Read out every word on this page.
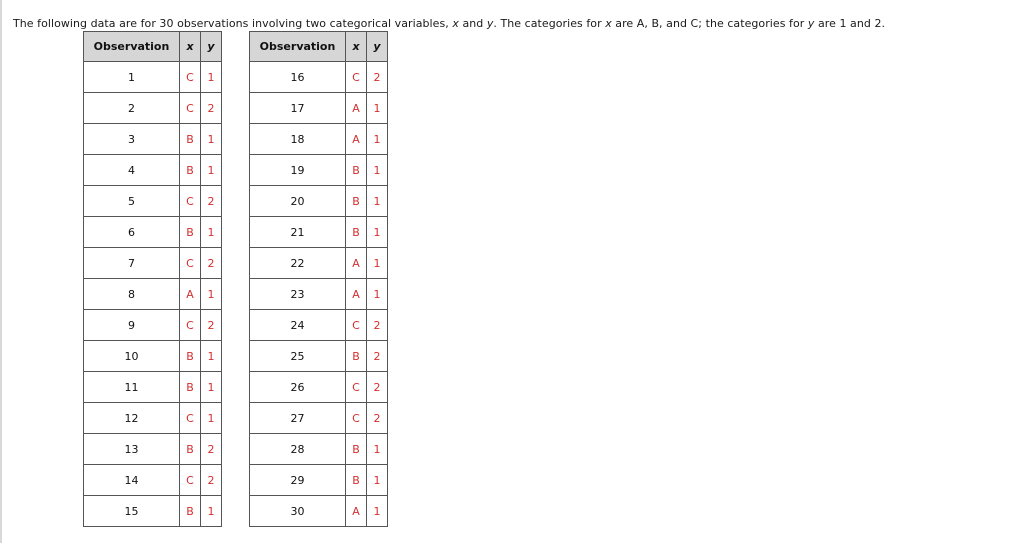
The following data are for 30 observations involving two categorical variables, x and y. The categories for x are A, B, and C; the categories for y are 1 and 2.

Observation	x	y
1	C	1
2	C	2
3	B	1
4	B	1
5	C	2
6	B	1
7	C	2
8	A	1
9	C	2
10	B	1
11	B	1
12	C	1
13	B	2
14	C	2
15	B	1
Observation	x	y
16	C	2
17	A	1
18	A	1
19	B	1
20	B	1
21	B	1
22	A	1
23	A	1
24	C	2
25	B	2
26	C	2
27	C	2
28	B	1
29	B	1
30	A	1
